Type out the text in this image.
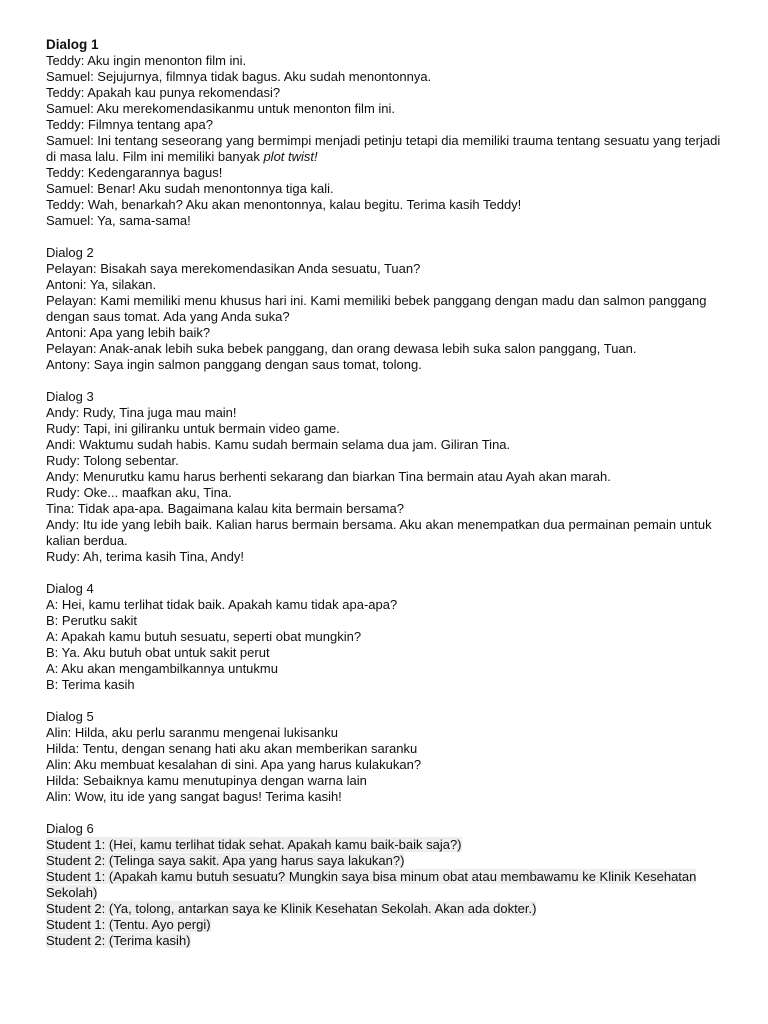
Dialog 1
Teddy: Aku ingin menonton film ini.
Samuel: Sejujurnya, filmnya tidak bagus. Aku sudah menontonnya.
Teddy: Apakah kau punya rekomendasi?
Samuel: Aku merekomendasikanmu untuk menonton film ini.
Teddy: Filmnya tentang apa?
Samuel: Ini tentang seseorang yang bermimpi menjadi petinju tetapi dia memiliki trauma tentang sesuatu yang terjadi di masa lalu. Film ini memiliki banyak plot twist!
Teddy: Kedengarannya bagus!
Samuel: Benar! Aku sudah menontonnya tiga kali.
Teddy: Wah, benarkah? Aku akan menontonnya, kalau begitu. Terima kasih Teddy!
Samuel: Ya, sama-sama!
Dialog 2
Pelayan: Bisakah saya merekomendasikan Anda sesuatu, Tuan?
Antoni: Ya, silakan.
Pelayan: Kami memiliki menu khusus hari ini. Kami memiliki bebek panggang dengan madu dan salmon panggang dengan saus tomat. Ada yang Anda suka?
Antoni: Apa yang lebih baik?
Pelayan: Anak-anak lebih suka bebek panggang, dan orang dewasa lebih suka salon panggang, Tuan.
Antony: Saya ingin salmon panggang dengan saus tomat, tolong.
Dialog 3
Andy: Rudy, Tina juga mau main!
Rudy: Tapi, ini giliranku untuk bermain video game.
Andi: Waktumu sudah habis. Kamu sudah bermain selama dua jam. Giliran Tina.
Rudy: Tolong sebentar.
Andy: Menurutku kamu harus berhenti sekarang dan biarkan Tina bermain atau Ayah akan marah.
Rudy: Oke... maafkan aku, Tina.
Tina: Tidak apa-apa. Bagaimana kalau kita bermain bersama?
Andy: Itu ide yang lebih baik. Kalian harus bermain bersama. Aku akan menempatkan dua permainan pemain untuk kalian berdua.
Rudy: Ah, terima kasih Tina, Andy!
Dialog 4
A: Hei, kamu terlihat tidak baik. Apakah kamu tidak apa-apa?
B: Perutku sakit
A: Apakah kamu butuh sesuatu, seperti obat mungkin?
B: Ya. Aku butuh obat untuk sakit perut
A: Aku akan mengambilkannya untukmu
B: Terima kasih
Dialog 5
Alin: Hilda, aku perlu saranmu mengenai lukisanku
Hilda: Tentu, dengan senang hati aku akan memberikan saranku
Alin: Aku membuat kesalahan di sini. Apa yang harus kulakukan?
Hilda: Sebaiknya kamu menutupinya dengan warna lain
Alin: Wow, itu ide yang sangat bagus! Terima kasih!
Dialog 6
Student 1: (Hei, kamu terlihat tidak sehat. Apakah kamu baik-baik saja?)
Student 2: (Telinga saya sakit. Apa yang harus saya lakukan?)
Student 1: (Apakah kamu butuh sesuatu? Mungkin saya bisa minum obat atau membawamu ke Klinik Kesehatan Sekolah)
Student 2: (Ya, tolong, antarkan saya ke Klinik Kesehatan Sekolah. Akan ada dokter.)
Student 1: (Tentu. Ayo pergi)
Student 2: (Terima kasih)
